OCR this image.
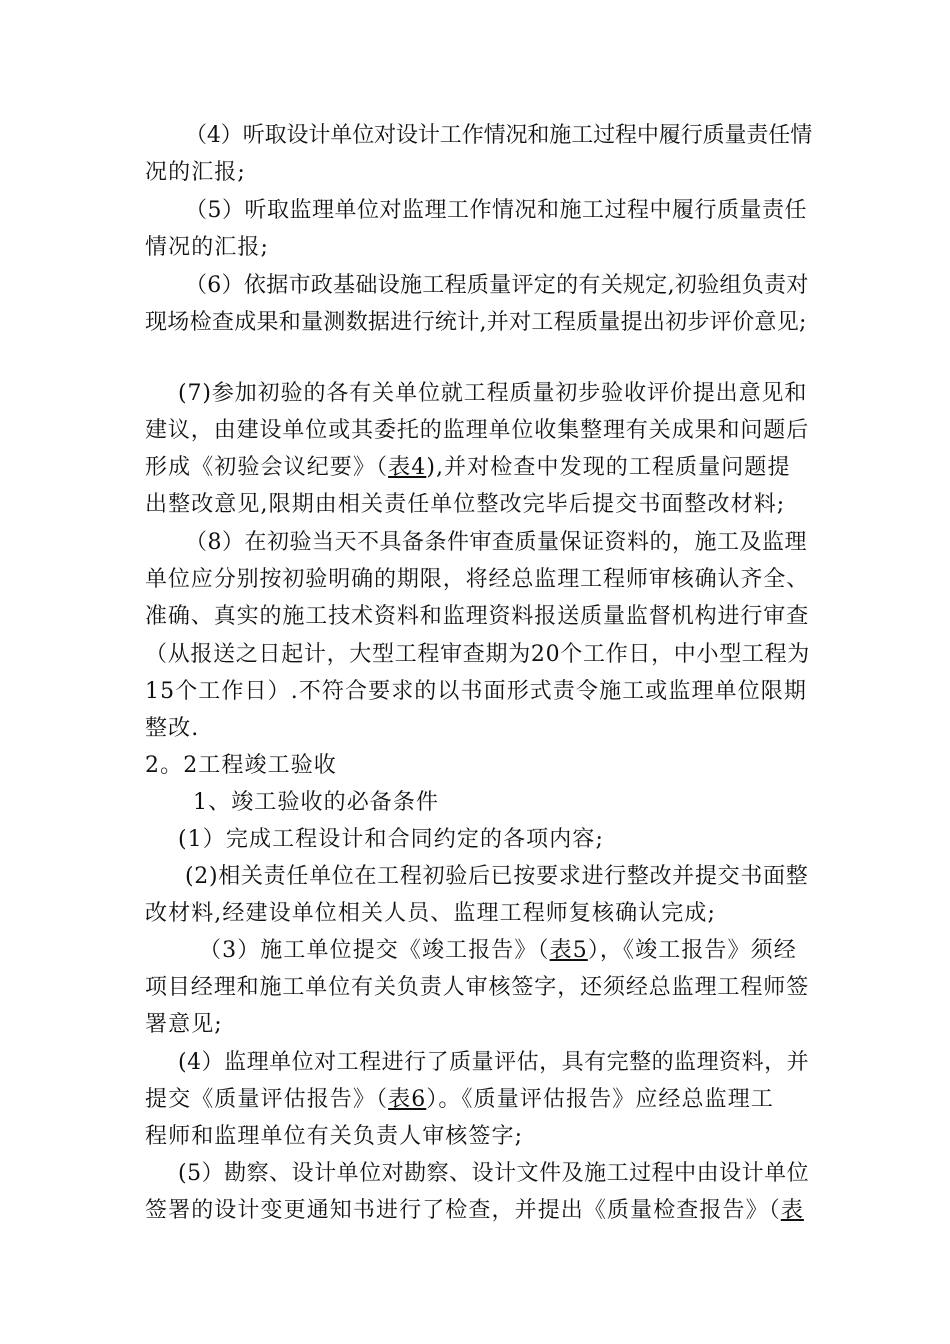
（4）听取设计单位对设计工作情况和施工过程中履行质量责任情
况的汇报;
（5）听取监理单位对监理工作情况和施工过程中履行质量责任
情况的汇报;
（6）依据市政基础设施工程质量评定的有关规定,初验组负责对
现场检查成果和量测数据进行统计,并对工程质量提出初步评价意见;
(7)参加初验的各有关单位就工程质量初步验收评价提出意见和
建议，由建设单位或其委托的监理单位收集整理有关成果和问题后
形成《初验会议纪要》（表4),并对检查中发现的工程质量问题提
出整改意见,限期由相关责任单位整改完毕后提交书面整改材料;
（8）在初验当天不具备条件审查质量保证资料的，施工及监理
单位应分别按初验明确的期限，将经总监理工程师审核确认齐全、
准确、真实的施工技术资料和监理资料报送质量监督机构进行审查
（从报送之日起计，大型工程审查期为20个工作日，中小型工程为
15个工作日）.不符合要求的以书面形式责令施工或监理单位限期
整改.
2。2工程竣工验收
1、竣工验收的必备条件
(1）完成工程设计和合同约定的各项内容;
(2)相关责任单位在工程初验后已按要求进行整改并提交书面整
改材料,经建设单位相关人员、监理工程师复核确认完成;
（3）施工单位提交《竣工报告》（表5），《竣工报告》须经
项目经理和施工单位有关负责人审核签字，还须经总监理工程师签
署意见;
(4）监理单位对工程进行了质量评估，具有完整的监理资料，并
提交《质量评估报告》（表6）。《质量评估报告》应经总监理工
程师和监理单位有关负责人审核签字;
(5）勘察、设计单位对勘察、设计文件及施工过程中由设计单位
签署的设计变更通知书进行了检查，并提出《质量检查报告》（表
